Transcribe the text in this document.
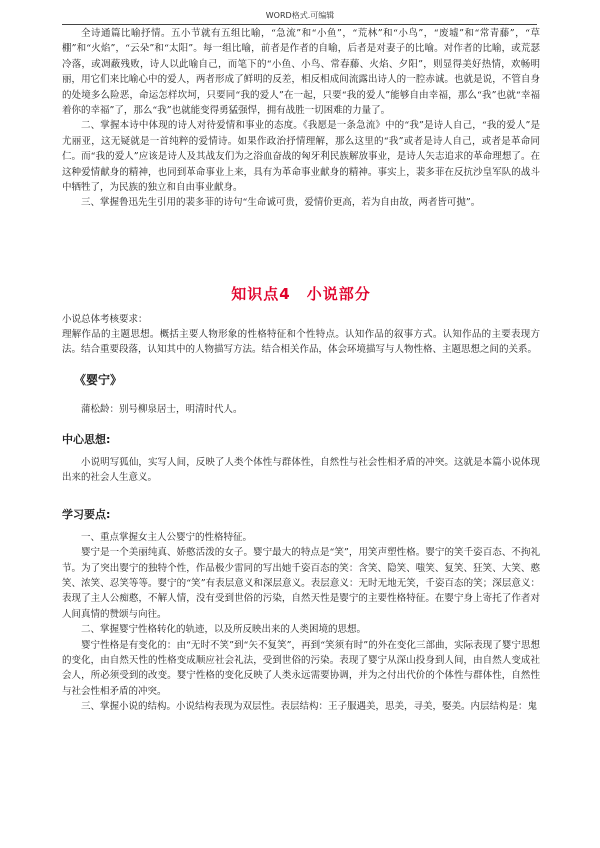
WORD格式.可编辑

全诗通篇比喻抒情。五小节就有五组比喻，“急流”和“小鱼”，“荒林”和“小鸟”，“废墟”和“常青藤”，“草棚”和“火焰”，“云朵”和“太阳”。每一组比喻，前者是作者的自喻，后者是对妻子的比喻。对作者的比喻，或荒瑟冷落，或凋蔽残败，诗人以此喻自己，而笔下的“小鱼、小鸟、常春藤、火焰、夕阳”，则显得美好热情，欢畅明丽，用它们来比喻心中的爱人，两者形成了鲜明的反差，相反相成间流露出诗人的一腔赤诚。也就是说，不管自身的处境多么险恶，命运怎样坎坷，只要同“我的爱人”在一起，只要“我的爱人”能够自由幸福，那么“我”也就“幸福着你的幸福”了，那么“我”也就能变得勇猛强悍，拥有战胜一切困难的力量了。

二、掌握本诗中体现的诗人对待爱情和事业的态度。《我愿是一条急流》中的“我”是诗人自己，“我的爱人”是尤丽亚，这无疑就是一首纯粹的爱情诗。如果作政治抒情理解，那么这里的“我”或者是诗人自己，或者是革命同仁。而“我的爱人”应该是诗人及其战友们为之浴血奋战的匈牙利民族解放事业，是诗人矢志追求的革命理想了。在这种爱情献身的精神，也同到革命事业上来，具有为革命事业献身的精神。事实上，裴多菲在反抗沙皇军队的战斗中牺牲了，为民族的独立和自由事业献身。

三、掌握鲁迅先生引用的裴多菲的诗句“生命诚可贵，爱情价更高，若为自由故，两者皆可抛”。

知识点4　小说部分

小说总体考核要求：

理解作品的主题思想。概括主要人物形象的性格特征和个性特点。认知作品的叙事方式。认知作品的主要表现方法。结合重要段落，认知其中的人物描写方法。结合相关作品，体会环境描写与人物性格、主题思想之间的关系。

《婴宁》

蒲松龄：别号柳泉居士，明清时代人。

中心思想:

小说明写狐仙，实写人间，反映了人类个体性与群体性，自然性与社会性相矛盾的冲突。这就是本篇小说体现出来的社会人生意义。

学习要点:

一、重点掌握女主人公婴宁的性格特征。

婴宁是一个美丽纯真、娇憨活泼的女子。婴宁最大的特点是“笑”，用笑声塑性格。婴宁的笑千姿百态、不拘礼节。为了突出婴宁的独特个性，作品极少雷同的写出她千姿百态的笑：含笑、隐笑、嗤笑、复笑、狂笑、大笑、憨笑、浓笑、忍笑等等。婴宁的“笑”有表层意义和深层意义。表层意义：无时无地无笑，千姿百态的笑；深层意义：表现了主人公痴憨，不解人情，没有受到世俗的污染，自然天性是婴宁的主要性格特征。在婴宁身上寄托了作者对人间真情的赞颂与向往。

二、掌握婴宁性格转化的轨迹，以及所反映出来的人类困境的思想。

婴宁性格是有变化的：由“无时不笑”到“矢不复笑”，再到“笑须有时”的外在变化三部曲，实际表现了婴宁思想的变化，由自然天性的性格变成顺应社会礼法，受到世俗的污染。表现了婴宁从深山投身到人间，由自然人变成社会人，所必须受到的改变。婴宁性格的变化反映了人类永远需要协调，并为之付出代价的个体性与群体性，自然性与社会性相矛盾的冲突。

三、掌握小说的结构。小说结构表现为双层性。表层结构：王子服遇美，思美，寻美，娶美。内层结构是：鬼
